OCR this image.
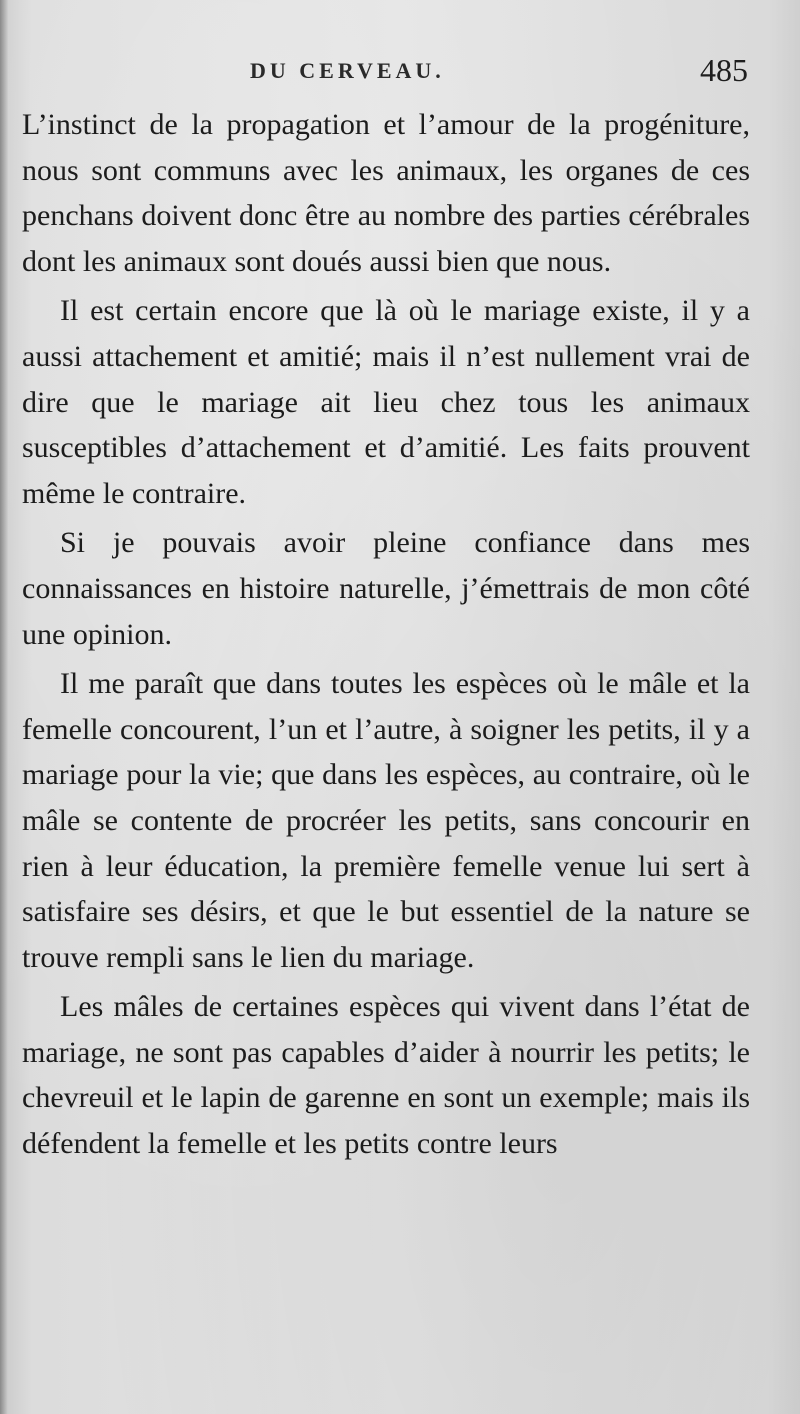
DU CERVEAU.	485

L’instinct de la propagation et l’amour de la progéniture, nous sont communs avec les animaux, les organes de ces penchans doivent donc être au nombre des parties cérébrales dont les animaux sont doués aussi bien que nous.

Il est certain encore que là où le mariage existe, il y a aussi attachement et amitié; mais il n’est nullement vrai de dire que le mariage ait lieu chez tous les animaux susceptibles d’attachement et d’amitié. Les faits prouvent même le contraire.

Si je pouvais avoir pleine confiance dans mes connaissances en histoire naturelle, j’émettrais de mon côté une opinion.

Il me paraît que dans toutes les espèces où le mâle et la femelle concourent, l’un et l’autre, à soigner les petits, il y a mariage pour la vie; que dans les espèces, au contraire, où le mâle se contente de procréer les petits, sans concourir en rien à leur éducation, la première femelle venue lui sert à satisfaire ses désirs, et que le but essentiel de la nature se trouve rempli sans le lien du mariage.

Les mâles de certaines espèces qui vivent dans l’état de mariage, ne sont pas capables d’aider à nourrir les petits; le chevreuil et le lapin de garenne en sont un exemple; mais ils défendent la femelle et les petits contre leurs
